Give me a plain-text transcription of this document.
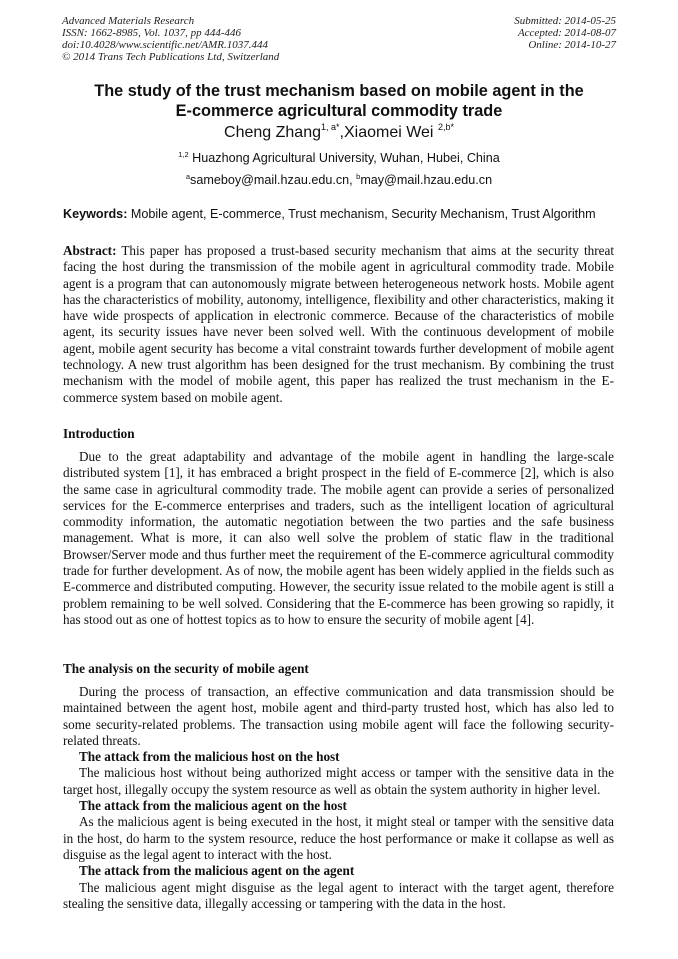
Advanced Materials Research
ISSN: 1662-8985, Vol. 1037, pp 444-446
doi:10.4028/www.scientific.net/AMR.1037.444
© 2014 Trans Tech Publications Ltd, Switzerland
Submitted: 2014-05-25
Accepted: 2014-08-07
Online: 2014-10-27
The study of the trust mechanism based on mobile agent in the
E-commerce agricultural commodity trade
Cheng Zhang$^{1, a*}$,Xiaomei Wei $^{2,b*}$
$^{1,2}$ Huazhong Agricultural University, Wuhan, Hubei, China
$^a$sameboy@mail.hzau.edu.cn, $^b$may@mail.hzau.edu.cn
Keywords: Mobile agent, E-commerce, Trust mechanism, Security Mechanism, Trust Algorithm

Abstract: This paper has proposed a trust-based security mechanism that aims at the security threat facing the host during the transmission of the mobile agent in agricultural commodity trade. Mobile agent is a program that can autonomously migrate between heterogeneous network hosts. Mobile agent has the characteristics of mobility, autonomy, intelligence, flexibility and other characteristics, making it have wide prospects of application in electronic commerce. Because of the characteristics of mobile agent, its security issues have never been solved well. With the continuous development of mobile agent, mobile agent security has become a vital constraint towards further development of mobile agent technology. A new trust algorithm has been designed for the trust mechanism. By combining the trust mechanism with the model of mobile agent, this paper has realized the trust mechanism in the E-commerce system based on mobile agent.

Introduction

Due to the great adaptability and advantage of the mobile agent in handling the large-scale distributed system [1], it has embraced a bright prospect in the field of E-commerce [2], which is also the same case in agricultural commodity trade. The mobile agent can provide a series of personalized services for the E-commerce enterprises and traders, such as the intelligent location of agricultural commodity information, the automatic negotiation between the two parties and the safe business management. What is more, it can also well solve the problem of static flaw in the traditional Browser/Server mode and thus further meet the requirement of the E-commerce agricultural commodity trade for further development. As of now, the mobile agent has been widely applied in the fields such as E-commerce and distributed computing. However, the security issue related to the mobile agent is still a problem remaining to be well solved. Considering that the E-commerce has been growing so rapidly, it has stood out as one of hottest topics as to how to ensure the security of mobile agent [4].

The analysis on the security of mobile agent

During the process of transaction, an effective communication and data transmission should be maintained between the agent host, mobile agent and third-party trusted host, which has also led to some security-related problems. The transaction using mobile agent will face the following security-related threats.

The attack from the malicious host on the host

The malicious host without being authorized might access or tamper with the sensitive data in the target host, illegally occupy the system resource as well as obtain the system authority in higher level.

The attack from the malicious agent on the host

As the malicious agent is being executed in the host, it might steal or tamper with the sensitive data in the host, do harm to the system resource, reduce the host performance or make it collapse as well as disguise as the legal agent to interact with the host.

The attack from the malicious agent on the agent

The malicious agent might disguise as the legal agent to interact with the target agent, therefore stealing the sensitive data, illegally accessing or tampering with the data in the host.
